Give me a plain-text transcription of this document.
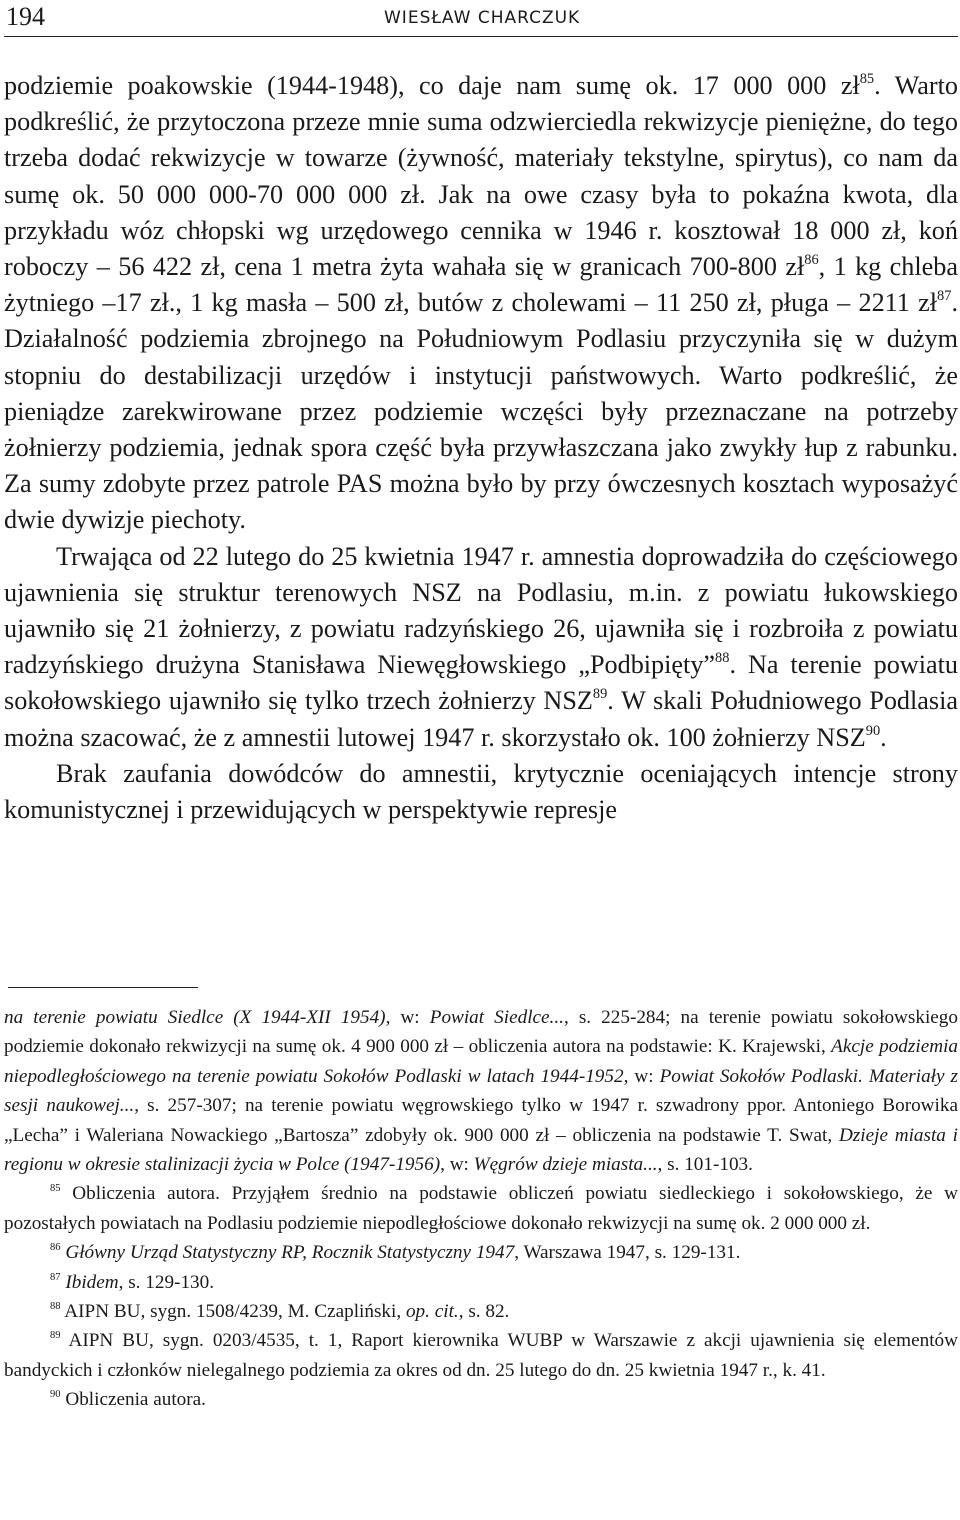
194	WIESŁAW CHARCZUK

podziemie poakowskie (1944-1948), co daje nam sumę ok. 17 000 000 $zł^{85}$. Warto podkreślić, że przytoczona przeze mnie suma odzwierciedla rekwizycje pieniężne, do tego trzeba dodać rekwizycje w towarze (żywność, materiały tekstylne, spirytus), co nam da sumę ok. 50 000 000-70 000 000 zł. Jak na owe czasy była to pokaźna kwota, dla przykładu wóz chłopski wg urzędowego cennika w 1946 r. kosztował 18 000 zł, koń roboczy – 56 422 zł, cena 1 metra żyta wahała się w granicach 700-800 $zł^{86}$, 1 kg chleba żytniego –17 zł., 1 kg masła – 500 zł, butów z cholewami – 11 250 zł, pługa – 2211 $zł^{87}$. Działalność podziemia zbrojnego na Południowym Podlasiu przyczyniła się w dużym stopniu do destabilizacji urzędów i instytucji państwowych. Warto podkreślić, że pieniądze zarekwirowane przez podziemie wczęści były przeznaczane na potrzeby żołnierzy podziemia, jednak spora część była przywłaszczana jako zwykły łup z rabunku. Za sumy zdobyte przez patrole PAS można było by przy ówczesnych kosztach wyposażyć dwie dywizje piechoty.

Trwająca od 22 lutego do 25 kwietnia 1947 r. amnestia doprowadziła do częściowego ujawnienia się struktur terenowych NSZ na Podlasiu, m.in. z powiatu łukowskiego ujawniło się 21 żołnierzy, z powiatu radzyńskiego 26, ujawniła się i rozbroiła z powiatu radzyńskiego drużyna Stanisława Niewęgłowskiego „Podbipięty”$^{88}$. Na terenie powiatu sokołowskiego ujawniło się tylko trzech żołnierzy NSZ$^{89}$. W skali Południowego Podlasia można szacować, że z amnestii lutowej 1947 r. skorzystało ok. 100 żołnierzy NSZ$^{90}$.

Brak zaufania dowódców do amnestii, krytycznie oceniających intencje strony komunistycznej i przewidujących w perspektywie represje

na terenie powiatu Siedlce (X 1944-XII 1954), w: Powiat Siedlce..., s. 225-284; na terenie powiatu sokołowskiego podziemie dokonało rekwizycji na sumę ok. 4 900 000 zł – obliczenia autora na podstawie: K. Krajewski, Akcje podziemia niepodległościowego na terenie powiatu Sokołów Podlaski w latach 1944-1952, w: Powiat Sokołów Podlaski. Materiały z sesji naukowej..., s. 257-307; na terenie powiatu węgrowskiego tylko w 1947 r. szwadrony ppor. Antoniego Borowika „Lecha” i Waleriana Nowackiego „Bartosza” zdobyły ok. 900 000 zł – obliczenia na podstawie T. Swat, Dzieje miasta i regionu w okresie stalinizacji życia w Polce (1947-1956), w: Węgrów dzieje miasta..., s. 101-103.

$^{85}$ Obliczenia autora. Przyjąłem średnio na podstawie obliczeń powiatu siedleckiego i sokołowskiego, że w pozostałych powiatach na Podlasiu podziemie niepodległościowe dokonało rekwizycji na sumę ok. 2 000 000 zł.

$^{86}$ Główny Urząd Statystyczny RP, Rocznik Statystyczny 1947, Warszawa 1947, s. 129-131.

$^{87}$ Ibidem, s. 129-130.

$^{88}$ AIPN BU, sygn. 1508/4239, M. Czapliński, op. cit., s. 82.

$^{89}$ AIPN BU, sygn. 0203/4535, t. 1, Raport kierownika WUBP w Warszawie z akcji ujawnienia się elementów bandyckich i członków nielegalnego podziemia za okres od dn. 25 lutego do dn. 25 kwietnia 1947 r., k. 41.

$^{90}$ Obliczenia autora.
